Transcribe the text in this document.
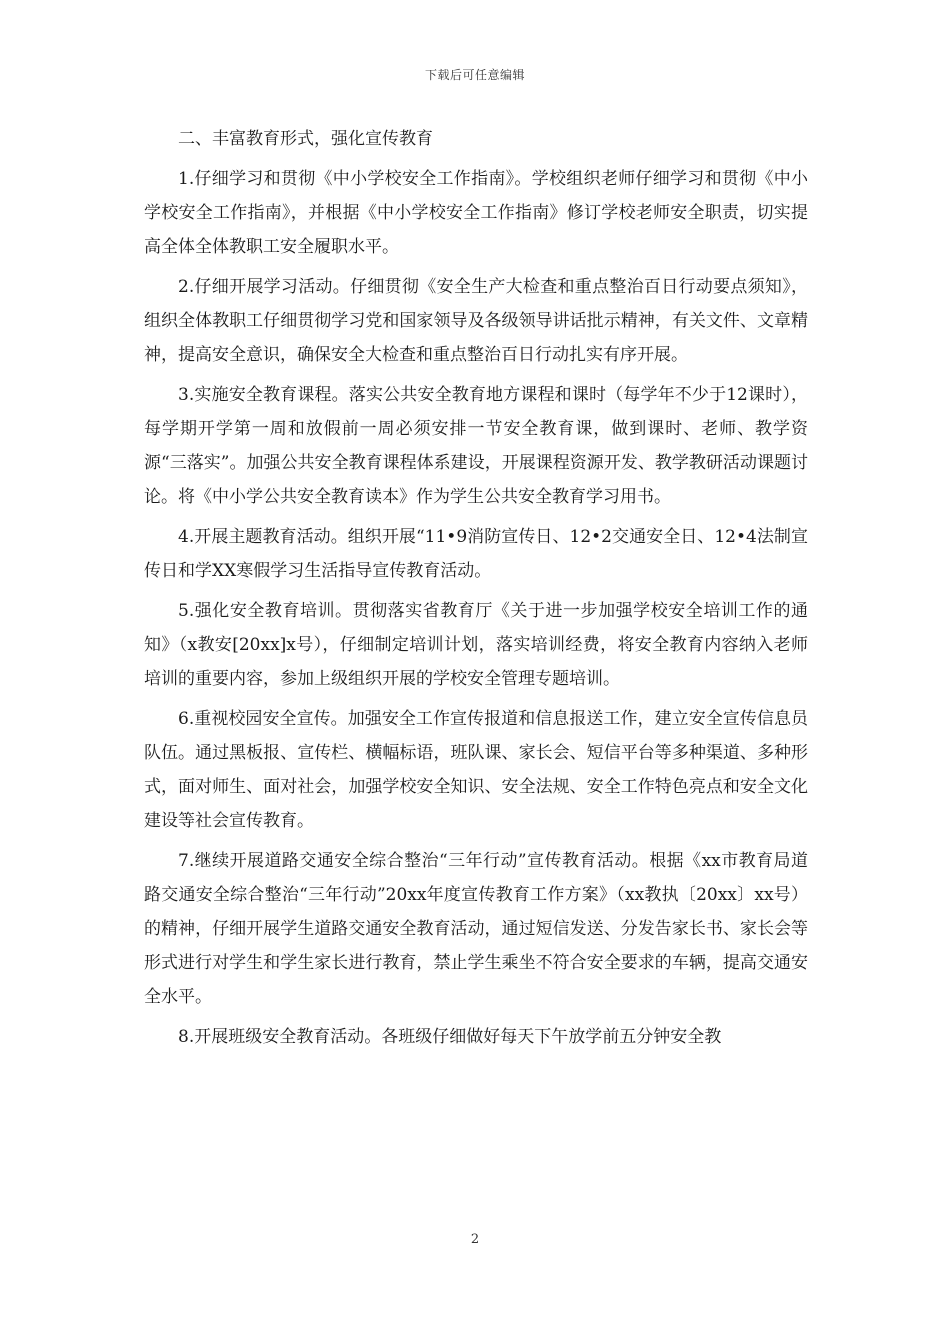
下载后可任意编辑

二、丰富教育形式，强化宣传教育

1.仔细学习和贯彻《中小学校安全工作指南》。学校组织老师仔细学习和贯彻《中小学校安全工作指南》，并根据《中小学校安全工作指南》修订学校老师安全职责，切实提高全体全体教职工安全履职水平。

2.仔细开展学习活动。仔细贯彻《安全生产大检查和重点整治百日行动要点须知》，组织全体教职工仔细贯彻学习党和国家领导及各级领导讲话批示精神，有关文件、文章精神，提高安全意识，确保安全大检查和重点整治百日行动扎实有序开展。

3.实施安全教育课程。落实公共安全教育地方课程和课时（每学年不少于12课时），每学期开学第一周和放假前一周必须安排一节安全教育课，做到课时、老师、教学资源“三落实”。加强公共安全教育课程体系建设，开展课程资源开发、教学教研活动课题讨论。将《中小学公共安全教育读本》作为学生公共安全教育学习用书。

4.开展主题教育活动。组织开展“11•9消防宣传日、12•2交通安全日、12•4法制宣传日和学XX寒假学习生活指导宣传教育活动。

5.强化安全教育培训。贯彻落实省教育厅《关于进一步加强学校安全培训工作的通知》（x教安[20xx]x号），仔细制定培训计划，落实培训经费，将安全教育内容纳入老师培训的重要内容，参加上级组织开展的学校安全管理专题培训。

6.重视校园安全宣传。加强安全工作宣传报道和信息报送工作，建立安全宣传信息员队伍。通过黑板报、宣传栏、横幅标语，班队课、家长会、短信平台等多种渠道、多种形式，面对师生、面对社会，加强学校安全知识、安全法规、安全工作特色亮点和安全文化建设等社会宣传教育。

7.继续开展道路交通安全综合整治“三年行动”宣传教育活动。根据《xx市教育局道路交通安全综合整治“三年行动”20xx年度宣传教育工作方案》（xx教执〔20xx〕xx号）的精神，仔细开展学生道路交通安全教育活动，通过短信发送、分发告家长书、家长会等形式进行对学生和学生家长进行教育，禁止学生乘坐不符合安全要求的车辆，提高交通安全水平。

8.开展班级安全教育活动。各班级仔细做好每天下午放学前五分钟安全教

2
